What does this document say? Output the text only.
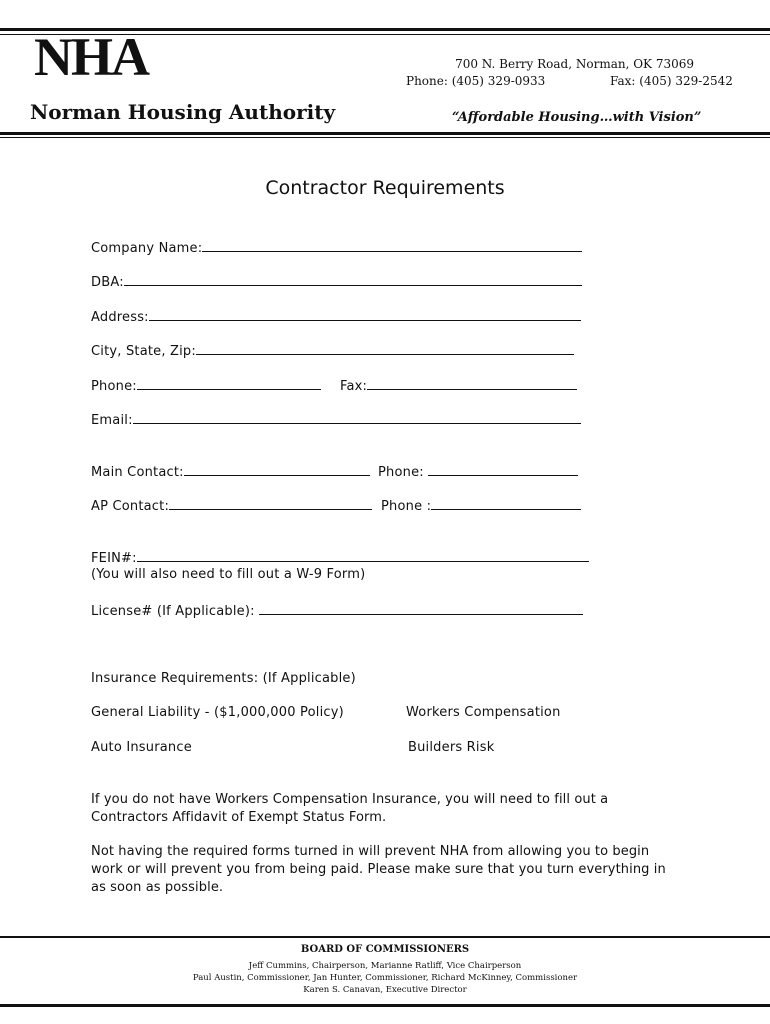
NHA
Norman Housing Authority
700 N. Berry Road, Norman, OK 73069
Phone: (405) 329-0933	Fax: (405) 329-2542
“Affordable Housing…with Vision”
Contractor Requirements
Company Name:
DBA:
Address:
City, State, Zip:
Phone:	Fax:
Email:
Main Contact:	Phone:
AP Contact:	Phone :
FEIN#:
(You will also need to fill out a W-9 Form)
License# (If Applicable):
Insurance Requirements: (If Applicable)
General Liability - ($1,000,000 Policy)	Workers Compensation
Auto Insurance	Builders Risk
If you do not have Workers Compensation Insurance, you will need to fill out a Contractors Affidavit of Exempt Status Form.
Not having the required forms turned in will prevent NHA from allowing you to begin work or will prevent you from being paid. Please make sure that you turn everything in as soon as possible.
BOARD OF COMMISSIONERS
Jeff Cummins, Chairperson, Marianne Ratliff, Vice Chairperson
Paul Austin, Commissioner, Jan Hunter, Commissioner, Richard McKinney, Commissioner
Karen S. Canavan, Executive Director
